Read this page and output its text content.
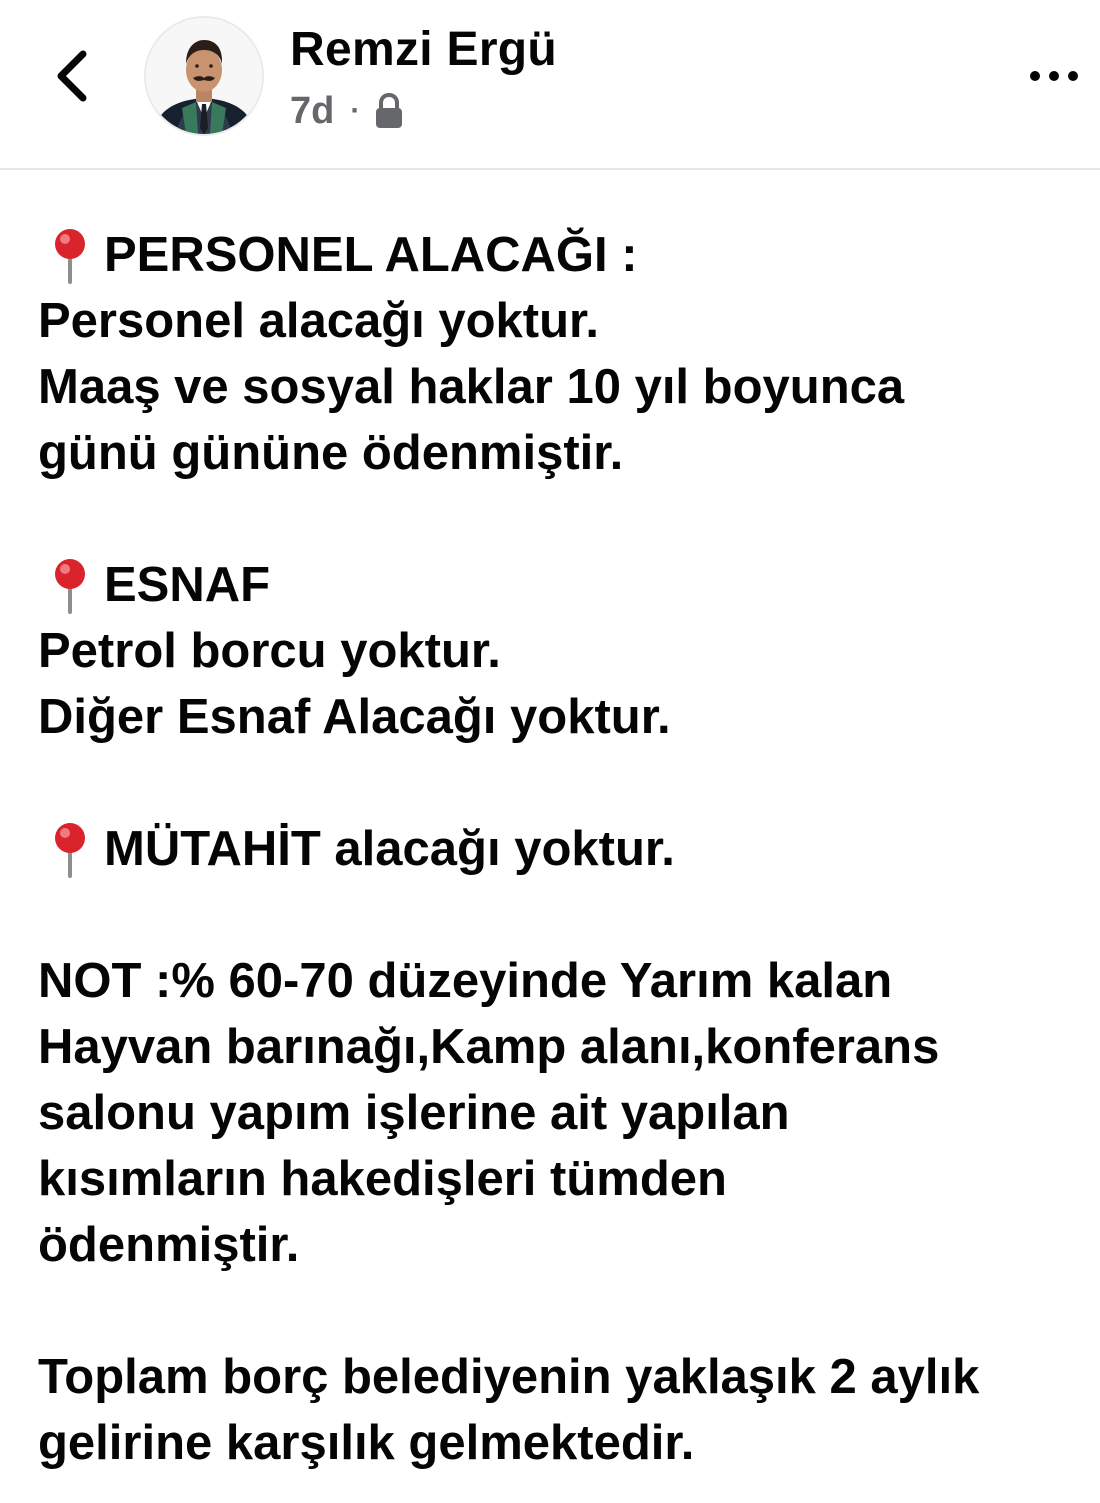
Remzi Ergü
7d ·
PERSONEL ALACAĞI :
Personel alacağı yoktur.
Maaş ve sosyal haklar 10 yıl boyunca
günü gününe ödenmiştir.
ESNAF
Petrol borcu yoktur.
Diğer Esnaf Alacağı yoktur.
MÜTAHİT alacağı yoktur.
NOT :% 60-70 düzeyinde Yarım kalan
Hayvan barınağı,Kamp alanı,konferans
salonu yapım işlerine ait yapılan
kısımların hakedişleri tümden
ödenmiştir.
Toplam borç belediyenin yaklaşık 2 aylık
gelirine karşılık gelmektedir.
